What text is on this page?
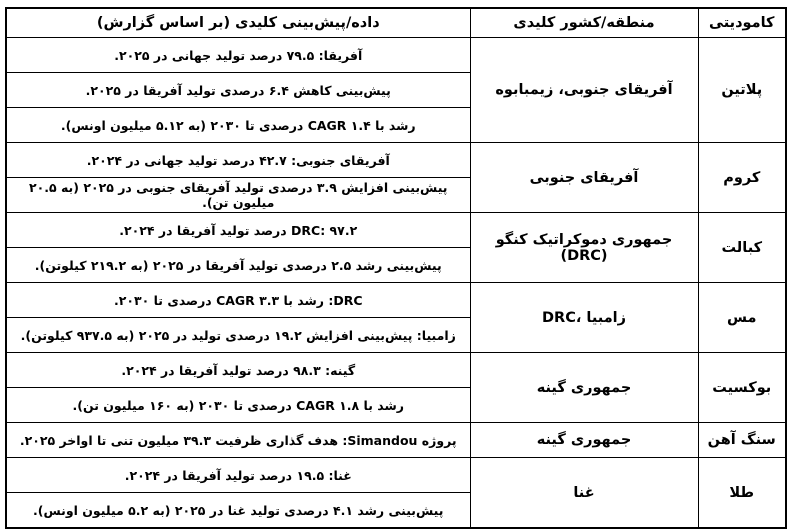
کامودیتی	منطقه/کشور کلیدی	داده/پیش‌بینی کلیدی (بر اساس گزارش)
پلاتین	آفریقای جنوبی، زیمبابوه	آفریقا: ۷۹.۵ درصد تولید جهانی در ۲۰۲۵.
		پیش‌بینی کاهش ۶.۴ درصدی تولید آفریقا در ۲۰۲۵.
		رشد با CAGR ۱.۴ درصدی تا ۲۰۳۰ (به ۵.۱۲ میلیون اونس).
کروم	آفریقای جنوبی	آفریقای جنوبی: ۴۲.۷ درصد تولید جهانی در ۲۰۲۴.
		پیش‌بینی افزایش ۳.۹ درصدی تولید آفریقای جنوبی در ۲۰۲۵ (به ۲۰.۵ میلیون تن).
کبالت	جمهوری دموکراتیک کنگو (DRC)	DRC: ۹۷.۲ درصد تولید آفریقا در ۲۰۲۴.
		پیش‌بینی رشد ۲.۵ درصدی تولید آفریقا در ۲۰۲۵ (به ۲۱۹.۲ کیلوتن).
مس	DRC، زامبیا	DRC: رشد با CAGR ۳.۳ درصدی تا ۲۰۳۰.
		زامبیا: پیش‌بینی افزایش ۱۹.۲ درصدی تولید در ۲۰۲۵ (به ۹۳۷.۵ کیلوتن).
بوکسیت	جمهوری گینه	گینه: ۹۸.۳ درصد تولید آفریقا در ۲۰۲۴.
		رشد با CAGR ۱.۸ درصدی تا ۲۰۳۰ (به ۱۶۰ میلیون تن).
سنگ آهن	جمهوری گینه	پروژه Simandou: هدف گذاری ظرفیت ۳۹.۳ میلیون تنی تا اواخر ۲۰۲۵.
طلا	غنا	غنا: ۱۹.۵ درصد تولید آفریقا در ۲۰۲۴.
		پیش‌بینی رشد ۴.۱ درصدی تولید غنا در ۲۰۲۵ (به ۵.۲ میلیون اونس).
